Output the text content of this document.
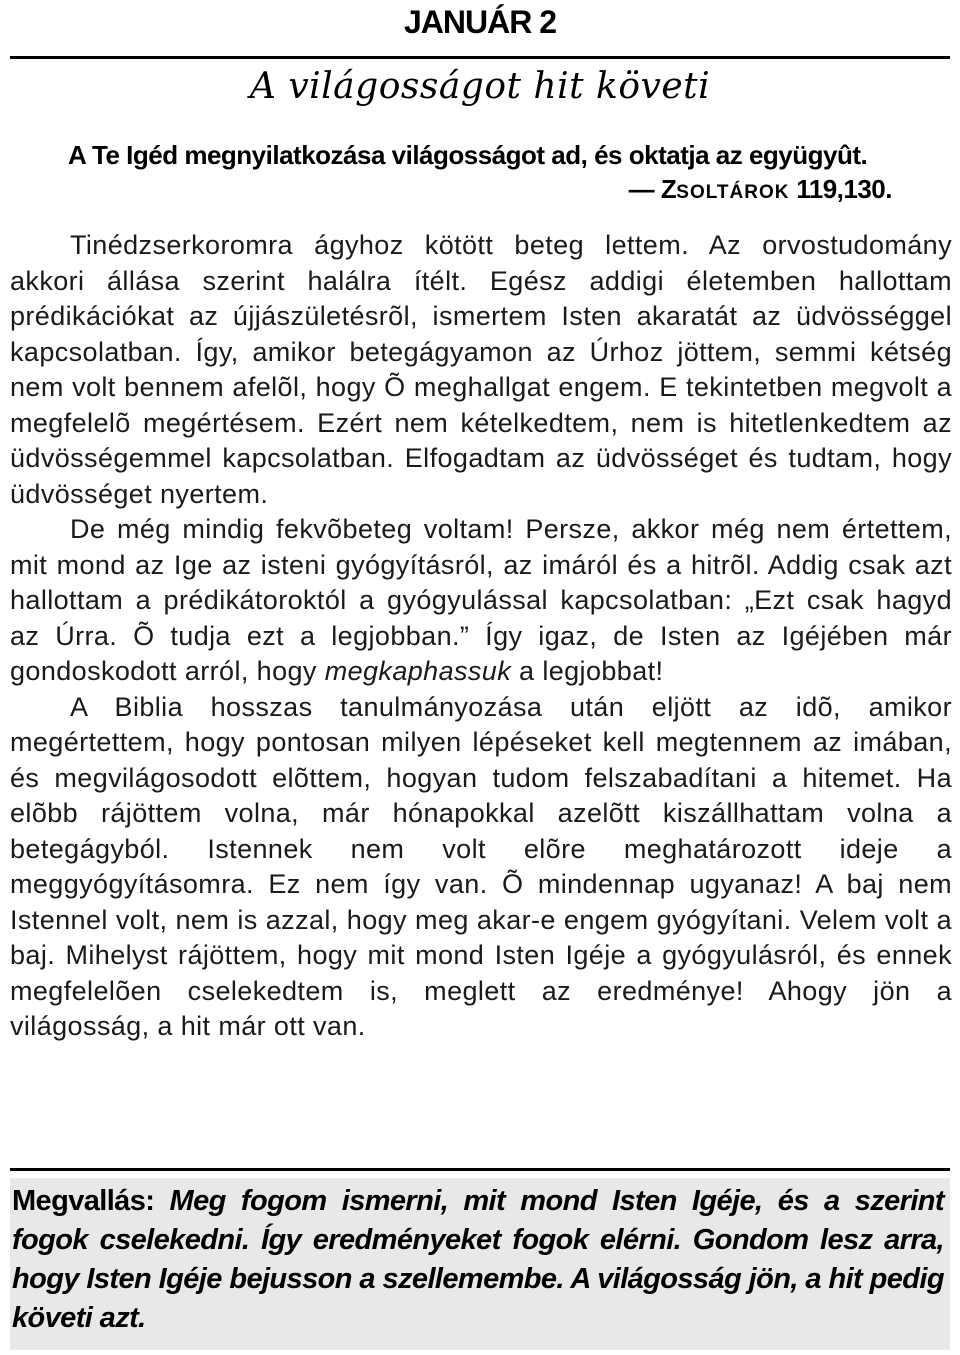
JANUÁR 2
A világosságot hit követi
A Te Igéd megnyilatkozása világosságot ad, és oktatja az együgyût.
— ZSOLTÁROK 119,130.

Tinédzserkoromra ágyhoz kötött beteg lettem. Az orvostudomány akkori állása szerint halálra ítélt. Egész addigi életemben hallottam prédikációkat az újjászületésrõl, ismertem Isten akaratát az üdvösséggel kapcsolatban. Így, amikor betegágyamon az Úrhoz jöttem, semmi kétség nem volt bennem afelõl, hogy Õ meghallgat engem. E tekintetben megvolt a megfelelõ megértésem. Ezért nem kételkedtem, nem is hitetlenkedtem az üdvösségemmel kapcsolatban. Elfogadtam az üdvösséget és tudtam, hogy üdvösséget nyertem.

De még mindig fekvõbeteg voltam! Persze, akkor még nem értettem, mit mond az Ige az isteni gyógyításról, az imáról és a hitrõl. Addig csak azt hallottam a prédikátoroktól a gyógyulással kapcsolatban: „Ezt csak hagyd az Úrra. Õ tudja ezt a legjobban.” Így igaz, de Isten az Igéjében már gondoskodott arról, hogy megkaphassuk a legjobbat!

A Biblia hosszas tanulmányozása után eljött az idõ, amikor megértettem, hogy pontosan milyen lépéseket kell megtennem az imában, és megvilágosodott elõttem, hogyan tudom felszabadítani a hitemet. Ha elõbb rájöttem volna, már hónapokkal azelõtt kiszállhattam volna a betegágyból. Istennek nem volt elõre meghatározott ideje a meggyógyításomra. Ez nem így van. Õ mindennap ugyanaz! A baj nem Istennel volt, nem is azzal, hogy meg akar-e engem gyógyítani. Velem volt a baj. Mihelyst rájöttem, hogy mit mond Isten Igéje a gyógyulásról, és ennek megfelelõen cselekedtem is, meglett az eredménye! Ahogy jön a világosság, a hit már ott van.

Megvallás: Meg fogom ismerni, mit mond Isten Igéje, és a szerint fogok cselekedni. Így eredményeket fogok elérni. Gondom lesz arra, hogy Isten Igéje bejusson a szellemembe. A világosság jön, a hit pedig követi azt.
